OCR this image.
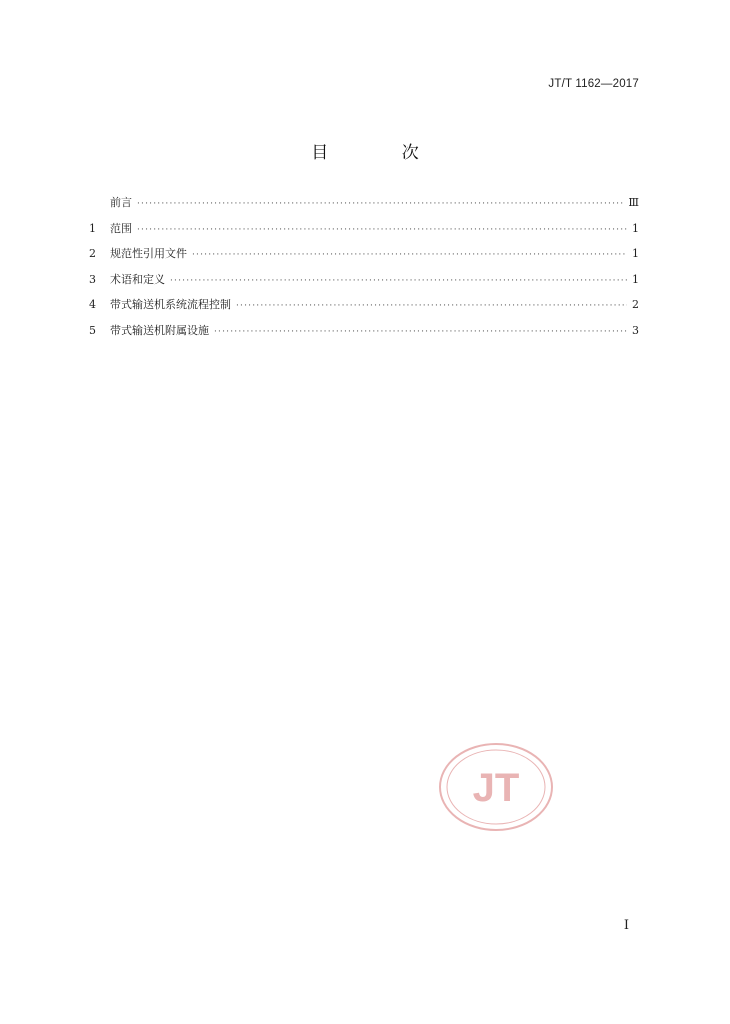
JT/T 1162—2017
目 次
前言 ·····	Ⅲ
1	范围 ·····	1
2	规范性引用文件 ·····	1
3	术语和定义 ·····	1
4	带式输送机系统流程控制 ·····	2
5	带式输送机附属设施 ·····	3
JT
Ⅰ
